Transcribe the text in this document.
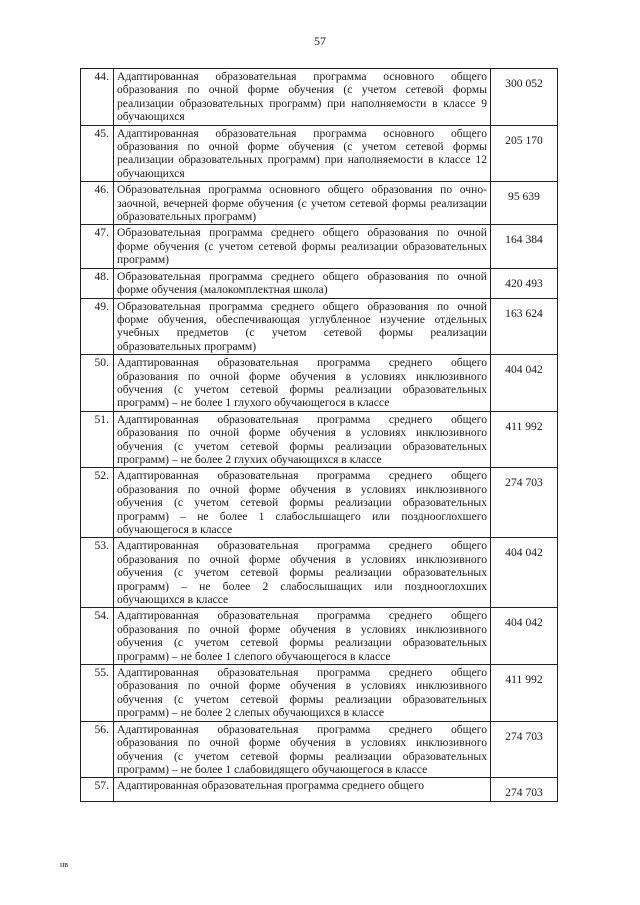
57
44.	Адаптированная образовательная программа основного общего образования по очной форме обучения (с учетом сетевой формы реализации образовательных программ) при наполняемости в классе 9 обучающихся	300 052
45.	Адаптированная образовательная программа основного общего образования по очной форме обучения (с учетом сетевой формы реализации образовательных программ) при наполняемости в классе 12 обучающихся	205 170
46.	Образовательная программа основного общего образования по очно-заочной, вечерней форме обучения (с учетом сетевой формы реализации образовательных программ)	95 639
47.	Образовательная программа среднего общего образования по очной форме обучения (с учетом сетевой формы реализации образовательных программ)	164 384
48.	Образовательная программа среднего общего образования по очной форме обучения (малокомплектная школа)	420 493
49.	Образовательная программа среднего общего образования по очной форме обучения, обеспечивающая углубленное изучение отдельных учебных предметов (с учетом сетевой формы реализации образовательных программ)	163 624
50.	Адаптированная образовательная программа среднего общего образования по очной форме обучения в условиях инклюзивного обучения (с учетом сетевой формы реализации образовательных программ) – не более 1 глухого обучающегося в классе	404 042
51.	Адаптированная образовательная программа среднего общего образования по очной форме обучения в условиях инклюзивного обучения (с учетом сетевой формы реализации образовательных программ) – не более 2 глухих обучающихся в классе	411 992
52.	Адаптированная образовательная программа среднего общего образования по очной форме обучения в условиях инклюзивного обучения (с учетом сетевой формы реализации образовательных программ) – не более 1 слабослышащего или позднооглохшего обучающегося в классе	274 703
53.	Адаптированная образовательная программа среднего общего образования по очной форме обучения в условиях инклюзивного обучения (с учетом сетевой формы реализации образовательных программ) – не более 2 слабослышащих или позднооглохших обучающихся в классе	404 042
54.	Адаптированная образовательная программа среднего общего образования по очной форме обучения в условиях инклюзивного обучения (с учетом сетевой формы реализации образовательных программ) – не более 1 слепого обучающегося в классе	404 042
55.	Адаптированная образовательная программа среднего общего образования по очной форме обучения в условиях инклюзивного обучения (с учетом сетевой формы реализации образовательных программ) – не более 2 слепых обучающихся в классе	411 992
56.	Адаптированная образовательная программа среднего общего образования по очной форме обучения в условиях инклюзивного обучения (с учетом сетевой формы реализации образовательных программ) – не более 1 слабовидящего обучающегося в классе	274 703
57.	Адаптированная образовательная программа среднего общего	274 703
нв
